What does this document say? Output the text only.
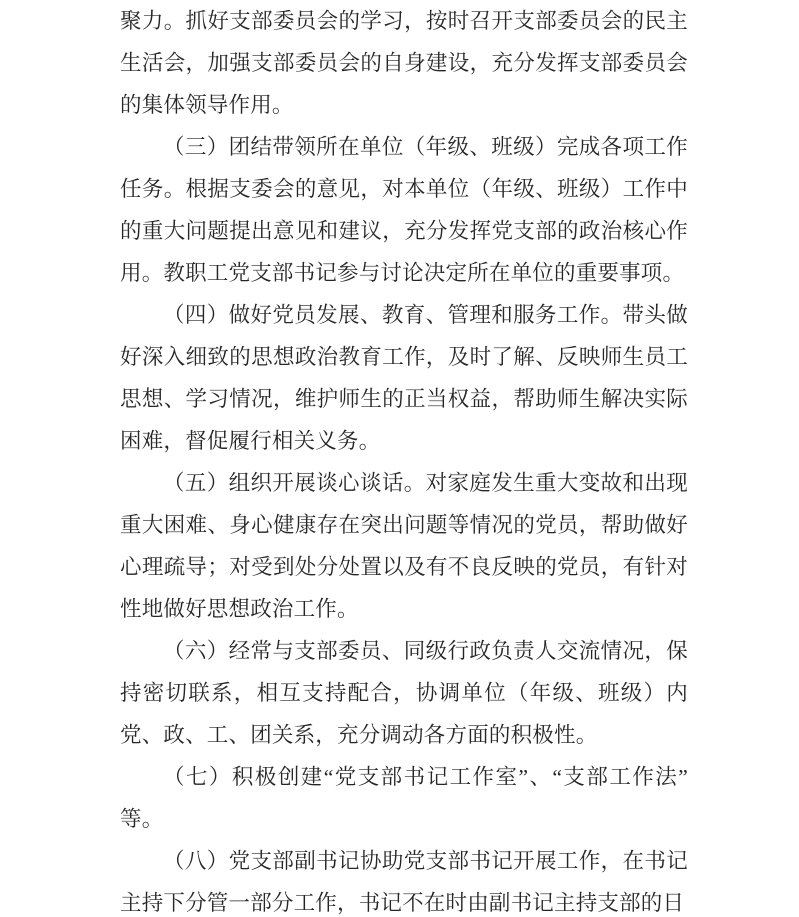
聚力。抓好支部委员会的学习，按时召开支部委员会的民主生活会，加强支部委员会的自身建设，充分发挥支部委员会的集体领导作用。

（三）团结带领所在单位（年级、班级）完成各项工作任务。根据支委会的意见，对本单位（年级、班级）工作中的重大问题提出意见和建议，充分发挥党支部的政治核心作用。教职工党支部书记参与讨论决定所在单位的重要事项。

（四）做好党员发展、教育、管理和服务工作。带头做好深入细致的思想政治教育工作，及时了解、反映师生员工思想、学习情况，维护师生的正当权益，帮助师生解决实际困难，督促履行相关义务。

（五）组织开展谈心谈话。对家庭发生重大变故和出现重大困难、身心健康存在突出问题等情况的党员，帮助做好心理疏导；对受到处分处置以及有不良反映的党员，有针对性地做好思想政治工作。

（六）经常与支部委员、同级行政负责人交流情况，保持密切联系，相互支持配合，协调单位（年级、班级）内党、政、工、团关系，充分调动各方面的积极性。

（七）积极创建“党支部书记工作室”、“支部工作法”等。

（八）党支部副书记协助党支部书记开展工作，在书记主持下分管一部分工作，书记不在时由副书记主持支部的日
